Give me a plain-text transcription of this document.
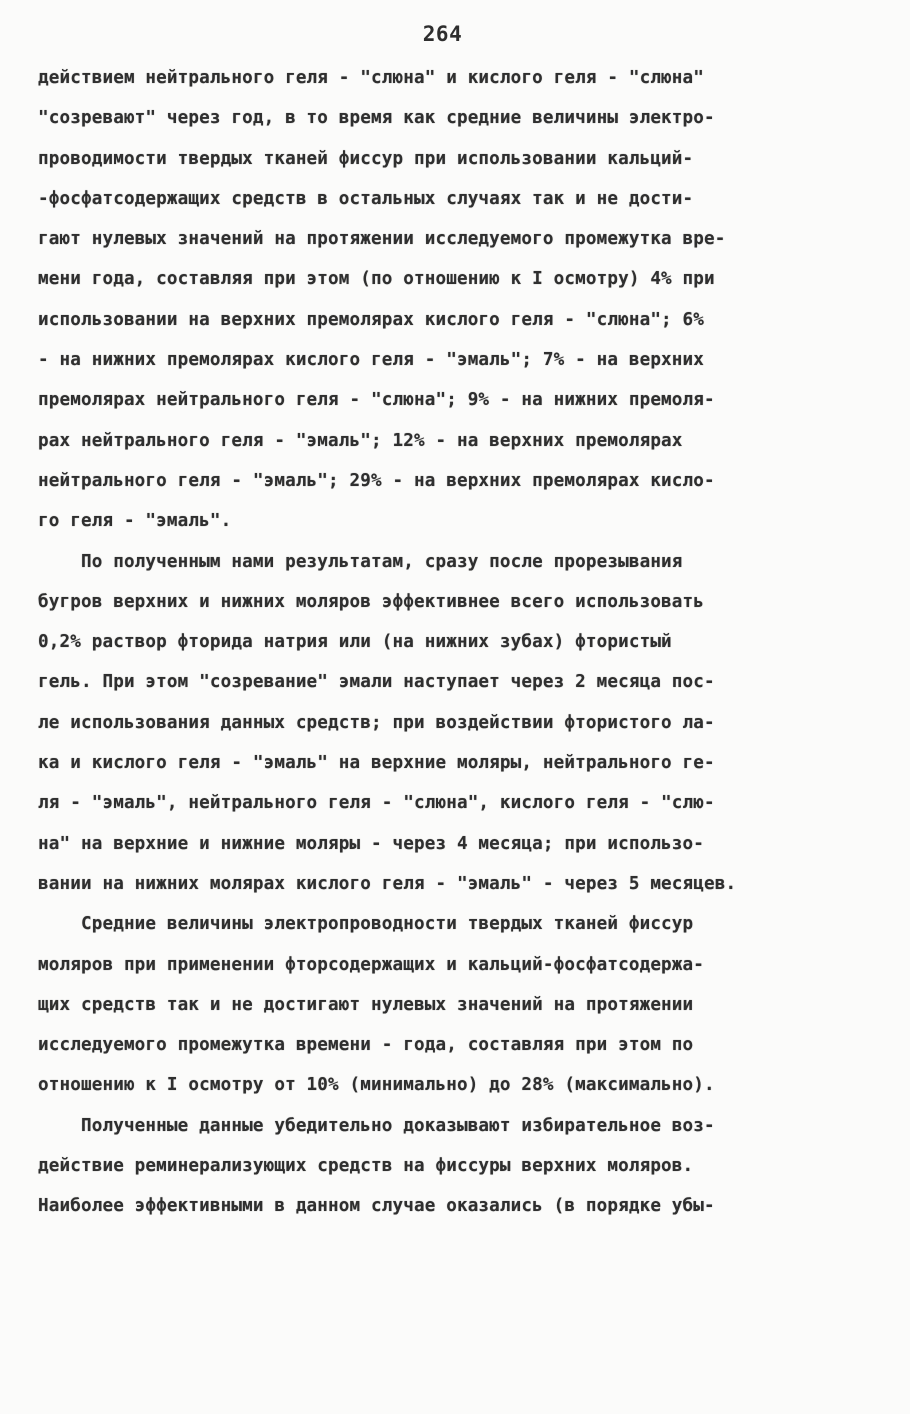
264
действием нейтрального геля - "слюна" и кислого геля - "слюна"
"созревают" через год, в то время как средние величины электро-
проводимости твердых тканей фиссур при использовании кальций-
-фосфатсодержащих средств в остальных случаях так и не дости-
гают нулевых значений на протяжении исследуемого промежутка вре-
мени года, составляя при этом (по отношению к I осмотру) 4% при
использовании на верхних премолярах кислого геля - "слюна"; 6%
- на нижних премолярах кислого геля - "эмаль"; 7% - на верхних
премолярах нейтрального геля - "слюна"; 9% - на нижних премоля-
рах нейтрального геля - "эмаль"; 12% - на верхних премолярах
нейтрального геля - "эмаль"; 29% - на верхних премолярах кисло-
го геля - "эмаль".
По полученным нами результатам, сразу после прорезывания
бугров верхних и нижних моляров эффективнее всего использовать
0,2% раствор фторида натрия или (на нижних зубах) фтористый
гель. При этом "созревание" эмали наступает через 2 месяца пос-
ле использования данных средств; при воздействии фтористого ла-
ка и кислого геля - "эмаль" на верхние моляры, нейтрального ге-
ля - "эмаль", нейтрального геля - "слюна", кислого геля - "слю-
на" на верхние и нижние моляры - через 4 месяца; при использо-
вании на нижних молярах кислого геля - "эмаль" - через 5 месяцев.
Средние величины электропроводности твердых тканей фиссур
моляров при применении фторсодержащих и кальций-фосфатсодержа-
щих средств так и не достигают нулевых значений на протяжении
исследуемого промежутка времени - года, составляя при этом по
отношению к I осмотру от 10% (минимально) до 28% (максимально).
Полученные данные убедительно доказывают избирательное воз-
действие реминерализующих средств на фиссуры верхних моляров.
Наиболее эффективными в данном случае оказались (в порядке убы-
